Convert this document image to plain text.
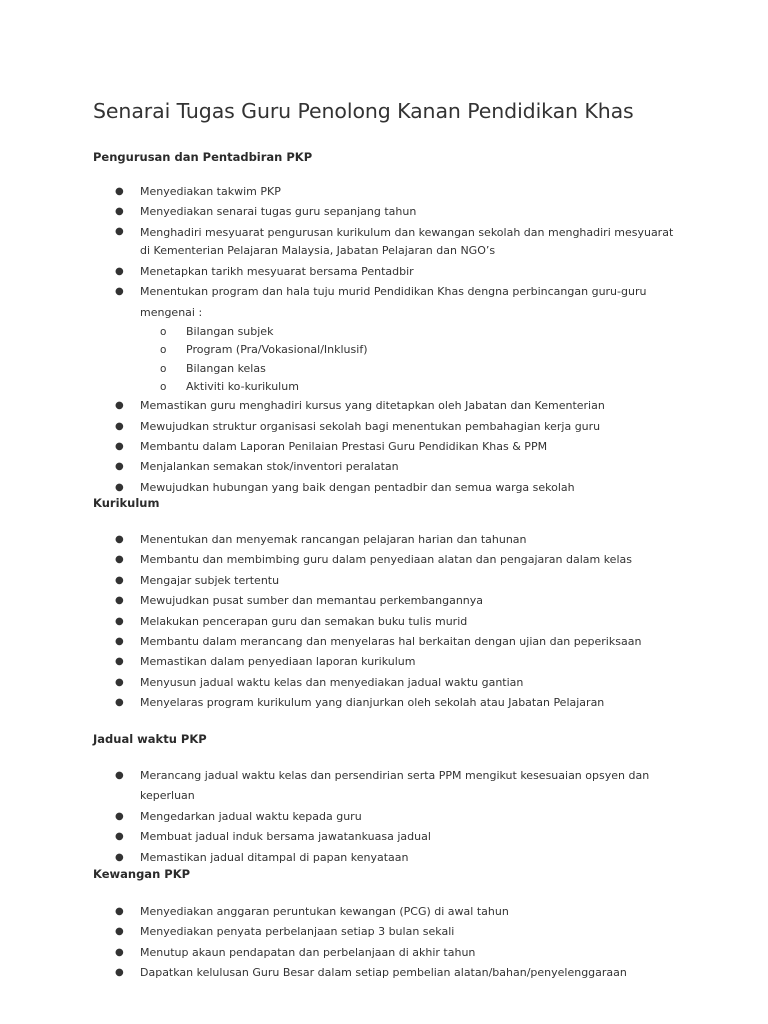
Senarai Tugas Guru Penolong Kanan Pendidikan Khas
Pengurusan dan Pentadbiran PKP
● Menyediakan takwim PKP
● Menyediakan senarai tugas guru sepanjang tahun
● Menghadiri mesyuarat pengurusan kurikulum dan kewangan sekolah dan menghadiri mesyuarat di Kementerian Pelajaran Malaysia, Jabatan Pelajaran dan NGO’s
● Menetapkan tarikh mesyuarat bersama Pentadbir
● Menentukan program dan hala tuju murid Pendidikan Khas dengna perbincangan guru-guru mengenai :
o Bilangan subjek
o Program (Pra/Vokasional/Inklusif)
o Bilangan kelas
o Aktiviti ko-kurikulum
● Memastikan guru menghadiri kursus yang ditetapkan oleh Jabatan dan Kementerian
● Mewujudkan struktur organisasi sekolah bagi menentukan pembahagian kerja guru
● Membantu dalam Laporan Penilaian Prestasi Guru Pendidikan Khas & PPM
● Menjalankan semakan stok/inventori peralatan
● Mewujudkan hubungan yang baik dengan pentadbir dan semua warga sekolah
Kurikulum
● Menentukan dan menyemak rancangan pelajaran harian dan tahunan
● Membantu dan membimbing guru dalam penyediaan alatan dan pengajaran dalam kelas
● Mengajar subjek tertentu
● Mewujudkan pusat sumber dan memantau perkembangannya
● Melakukan pencerapan guru dan semakan buku tulis murid
● Membantu dalam merancang dan menyelaras hal berkaitan dengan ujian dan peperiksaan
● Memastikan dalam penyediaan laporan kurikulum
● Menyusun jadual waktu kelas dan menyediakan jadual waktu gantian
● Menyelaras program kurikulum yang dianjurkan oleh sekolah atau Jabatan Pelajaran
Jadual waktu PKP
● Merancang jadual waktu kelas dan persendirian serta PPM mengikut kesesuaian opsyen dan keperluan
● Mengedarkan jadual waktu kepada guru
● Membuat jadual induk bersama jawatankuasa jadual
● Memastikan jadual ditampal di papan kenyataan
Kewangan PKP
● Menyediakan anggaran peruntukan kewangan (PCG) di awal tahun
● Menyediakan penyata perbelanjaan setiap 3 bulan sekali
● Menutup akaun pendapatan dan perbelanjaan di akhir tahun
● Dapatkan kelulusan Guru Besar dalam setiap pembelian alatan/bahan/penyelenggaraan
